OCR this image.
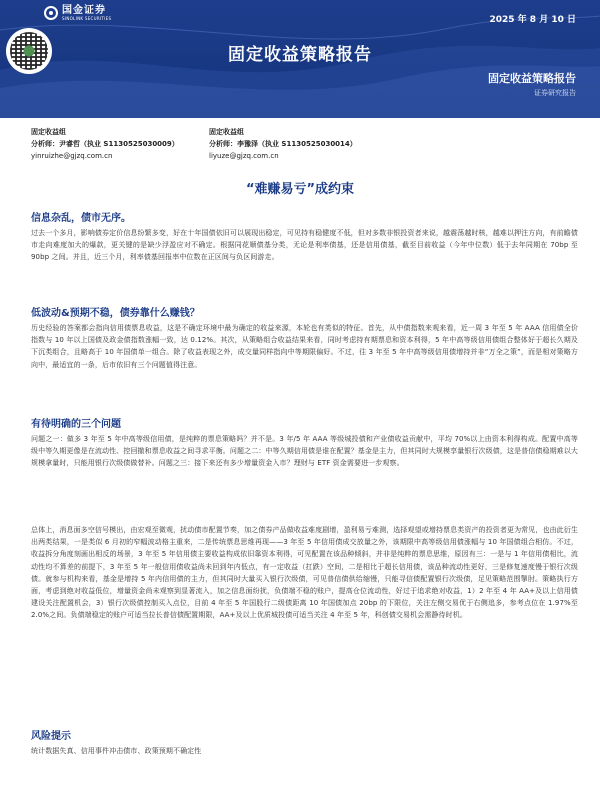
国金证券
SINOLINK SECURITIES	2025 年 8 月 10 日
固定收益策略报告
固定收益策略报告
证券研究报告
固定收益组
分析师：尹睿哲（执业 S1130525030009）
yinruizhe@gjzq.com.cn
固定收益组
分析师：李豫泽（执业 S1130525030014）
liyuze@gjzq.com.cn
“难赚易亏”成约束
信息杂乱，债市无序。

过去一个多月，影响债券定价信息纷繁多变，好在十年国债依旧可以展现出稳定，可见持有稳健度不低，但对多数非银投资者来说，越震荡越时核，越难以押注方向，有前瞻债市走向难度加大的爆款，更关键的是缺少浮盈应对不确定。根据同花顺债基分类，无论是利率债基，还是信用债基，截至目前收益（今年中位数）低于去年同期在 70bp 至 90bp 之间。并且，近三个月，利率债基回报率中位数在正区间与负区间游走。

低波动&预期不稳，债券靠什么赚钱？

历史经验的答案都会指向信用债票息收益，这是不确定环境中最为确定的收益来源，本轮也有类似的特征。首先，从中债指数来观来看，近一周 3 年至 5 年 AAA 信用债全价指数与 10 年以上国债及政金债指数涨幅一致，达 0.12%。其次，从策略组合收益结果来看，同时考虑持有期票息和资本利得，5 年中高等级信用债组合整体好于超长久期及下沉类组合，且略高于 10 年国债单一组合。除了收益表现之外，成交量同样指向中等期限偏好。不过，往 3 年至 5 年中高等级信用债增持并非“万全之策”，而是相对策略方向中，最适宜的一条，后市依旧有三个问题值得注意。

有待明确的三个问题

问题之一：做多 3 年至 5 年中高等级信用债，是纯粹的票息策略吗？并不是。3 年/5 年 AAA 等级城投债和产业债收益贡献中，平均 70%以上由资本利得构成。配置中高等级中等久期更像是在流动性、控回撤和票息收益之间寻求平衡。问题之二：中等久期信用债是谁在配置？基金是主力，但其同时大规模享量银行次级债，这是普信债稳期难以大规模拿量时，只能用银行次级债做替补。问题之三：接下来还有多少增量资金入市？理财与 ETF 资金需要进一步观察。

总体上，消息面多空信号模出，由宏观至微观，扰动债市配置节奏，加之债券产品做收益难度剧增，盈利易亏难测，选择观望或增持票息类资产的投资者更为常见，也由此衍生出两类结果，一是类似 6 月初的窄幅波动格主重来，二是传统票息思维再现——3 年至 5 年信用债成交放量之外，该期限中高等级信用债涨幅与 10 年国债组合相仿。不过，收益拆分角度刻画出相反的场景，3 年至 5 年信用债主要收益构成依旧靠资本利得，可见配置在该品种倾斜，并非是纯粹的票息思维，原因有三：一是与 1 年信用债相比，流动性均不算差的前提下，3 年至 5 年一般信用债收益尚未回到年内低点，有一定收益（扛跌）空间，二是相比于超长信用债，该品种流动性更好，三是修复速度慢于银行次级债。就参与机构来看，基金是增持 5 年内信用债的主力，但其同时大量买入银行次级债，可见普信债供给缩慢，只能寻信债配置银行次级债，足见策略范围掣肘。策略执行方面，考虑到绝对收益低位，增量资金尚未观察到显著流入，加之信息面纷扰，负债端不稳的账户，提高仓位流动性，好过于追求绝对收益，1）2 年至 4 年 AA+及以上信用债建设关注配置机会，3）银行次级债控制买入点位，目前 4 年至 5 年国股行二级债距离 10 年国债加点 20bp 的下限位，关注左侧交易优于右侧追多，参考点位在 1.97%至 2.0%之间。负债端稳定的账户可适当拉长普信债配置期限，AA+及以上优质城投债可适当关注 4 年至 5 年，科创债交易机会需静待时机。

风险提示

统计数据失真、信用事件冲击债市、政策预期不确定性
